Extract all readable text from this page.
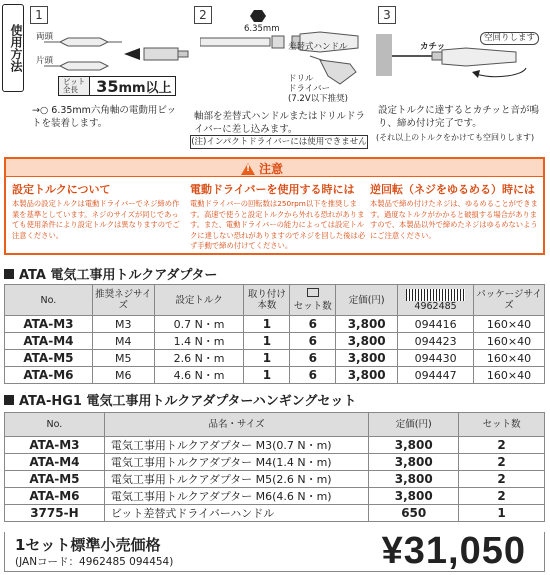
使用方法
1
両頭
片頭
ビット
全長	35mm以上
→○ 6.35mm六角軸の電動用ビットを装着します。
2
6.35mm
差替式ハンドル
ドリル
ドライバー
(7.2V以下推奨)
軸部を差替式ハンドルまたはドリルドライバーに差し込みます。
(注)インパクトドライバーには使用できません
3
カチッ
空回りします
設定トルクに達するとカチッと音が鳴り、締め付け完了です。
(それ以上のトルクをかけても空回りします)
!
注意
設定トルクについて

本製品の設定トルクは電動ドライバーでネジ締め作業を基準としています。ネジのサイズが同じであっても使用条件により設定トルクは異なりますのでご注意ください。

電動ドライバーを使用する時には

電動ドライバーの回転数は250rpm以下を推奨します。高速で使うと設定トルクから外れる恐れがあります。また、電動ドライバーの能力によっては設定トルクに達しない恐れがありますのでネジを回した後は必ず手動で締め付けてください。

逆回転（ネジをゆるめる）時には

本製品で締め付けたネジは、ゆるめることができます。過度なトルクがかかると破損する場合がありますので、本製品以外で締めたネジはゆるめないようにご注意ください。

ATA 電気工事用トルクアダプター
No.	推奨ネジサイズ	設定トルク	取り付け本数	セット数	定価(円)	4962485	パッケージサイズ
ATA-M3	M3	0.7 N・m	1	6	3,800	094416	160×40
ATA-M4	M4	1.4 N・m	1	6	3,800	094423	160×40
ATA-M5	M5	2.6 N・m	1	6	3,800	094430	160×40
ATA-M6	M6	4.6 N・m	1	6	3,800	094447	160×40
ATA-HG1 電気工事用トルクアダプターハンギングセット
No.	品名・サイズ	定価(円)	セット数
ATA-M3	電気工事用トルクアダプター M3(0.7 N・m)	3,800	2
ATA-M4	電気工事用トルクアダプター M4(1.4 N・m)	3,800	2
ATA-M5	電気工事用トルクアダプター M5(2.6 N・m)	3,800	2
ATA-M6	電気工事用トルクアダプター M6(4.6 N・m)	3,800	2
3775-H	ビット差替式ドライバーハンドル	650	1
1セット標準小売価格
(JANコード：4962485 094454)	¥31,050
